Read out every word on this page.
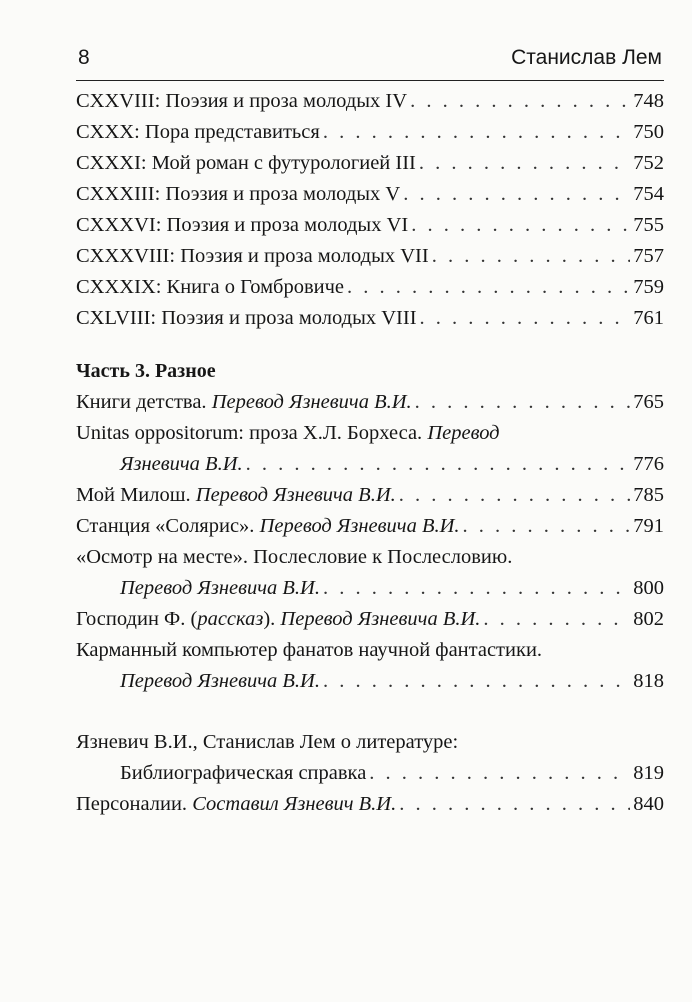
8	Станислав Лем
CXXVIII: Поэзия и проза молодых IV . . .	748
CXXX: Пора представиться . . .	750
CXXXI: Мой роман с футурологией III . . .	752
CXXXIII: Поэзия и проза молодых V . . .	754
CXXXVI: Поэзия и проза молодых VI . . .	755
CXXXVIII: Поэзия и проза молодых VII . . .	757
CXXXIX: Книга о Гомбровиче . . .	759
CXLVIII: Поэзия и проза молодых VIII . . .	761
Часть 3. Разное
Книги детства. Перевод Язневича В.И. . . .	765
Unitas oppositorum: проза Х.Л. Борхеса. Перевод
Язневича В.И. . . .	776
Мой Милош. Перевод Язневича В.И. . . .	785
Станция «Солярис». Перевод Язневича В.И. . . .	791
«Осмотр на месте». Послесловие к Послесловию.
Перевод Язневича В.И. . . .	800
Господин Ф. (рассказ). Перевод Язневича В.И. . . .	802
Карманный компьютер фанатов научной фантастики.
Перевод Язневича В.И. . . .	818
Язневич В.И., Станислав Лем о литературе:
Библиографическая справка . . .	819
Персоналии. Составил Язневич В.И. . . .	840
